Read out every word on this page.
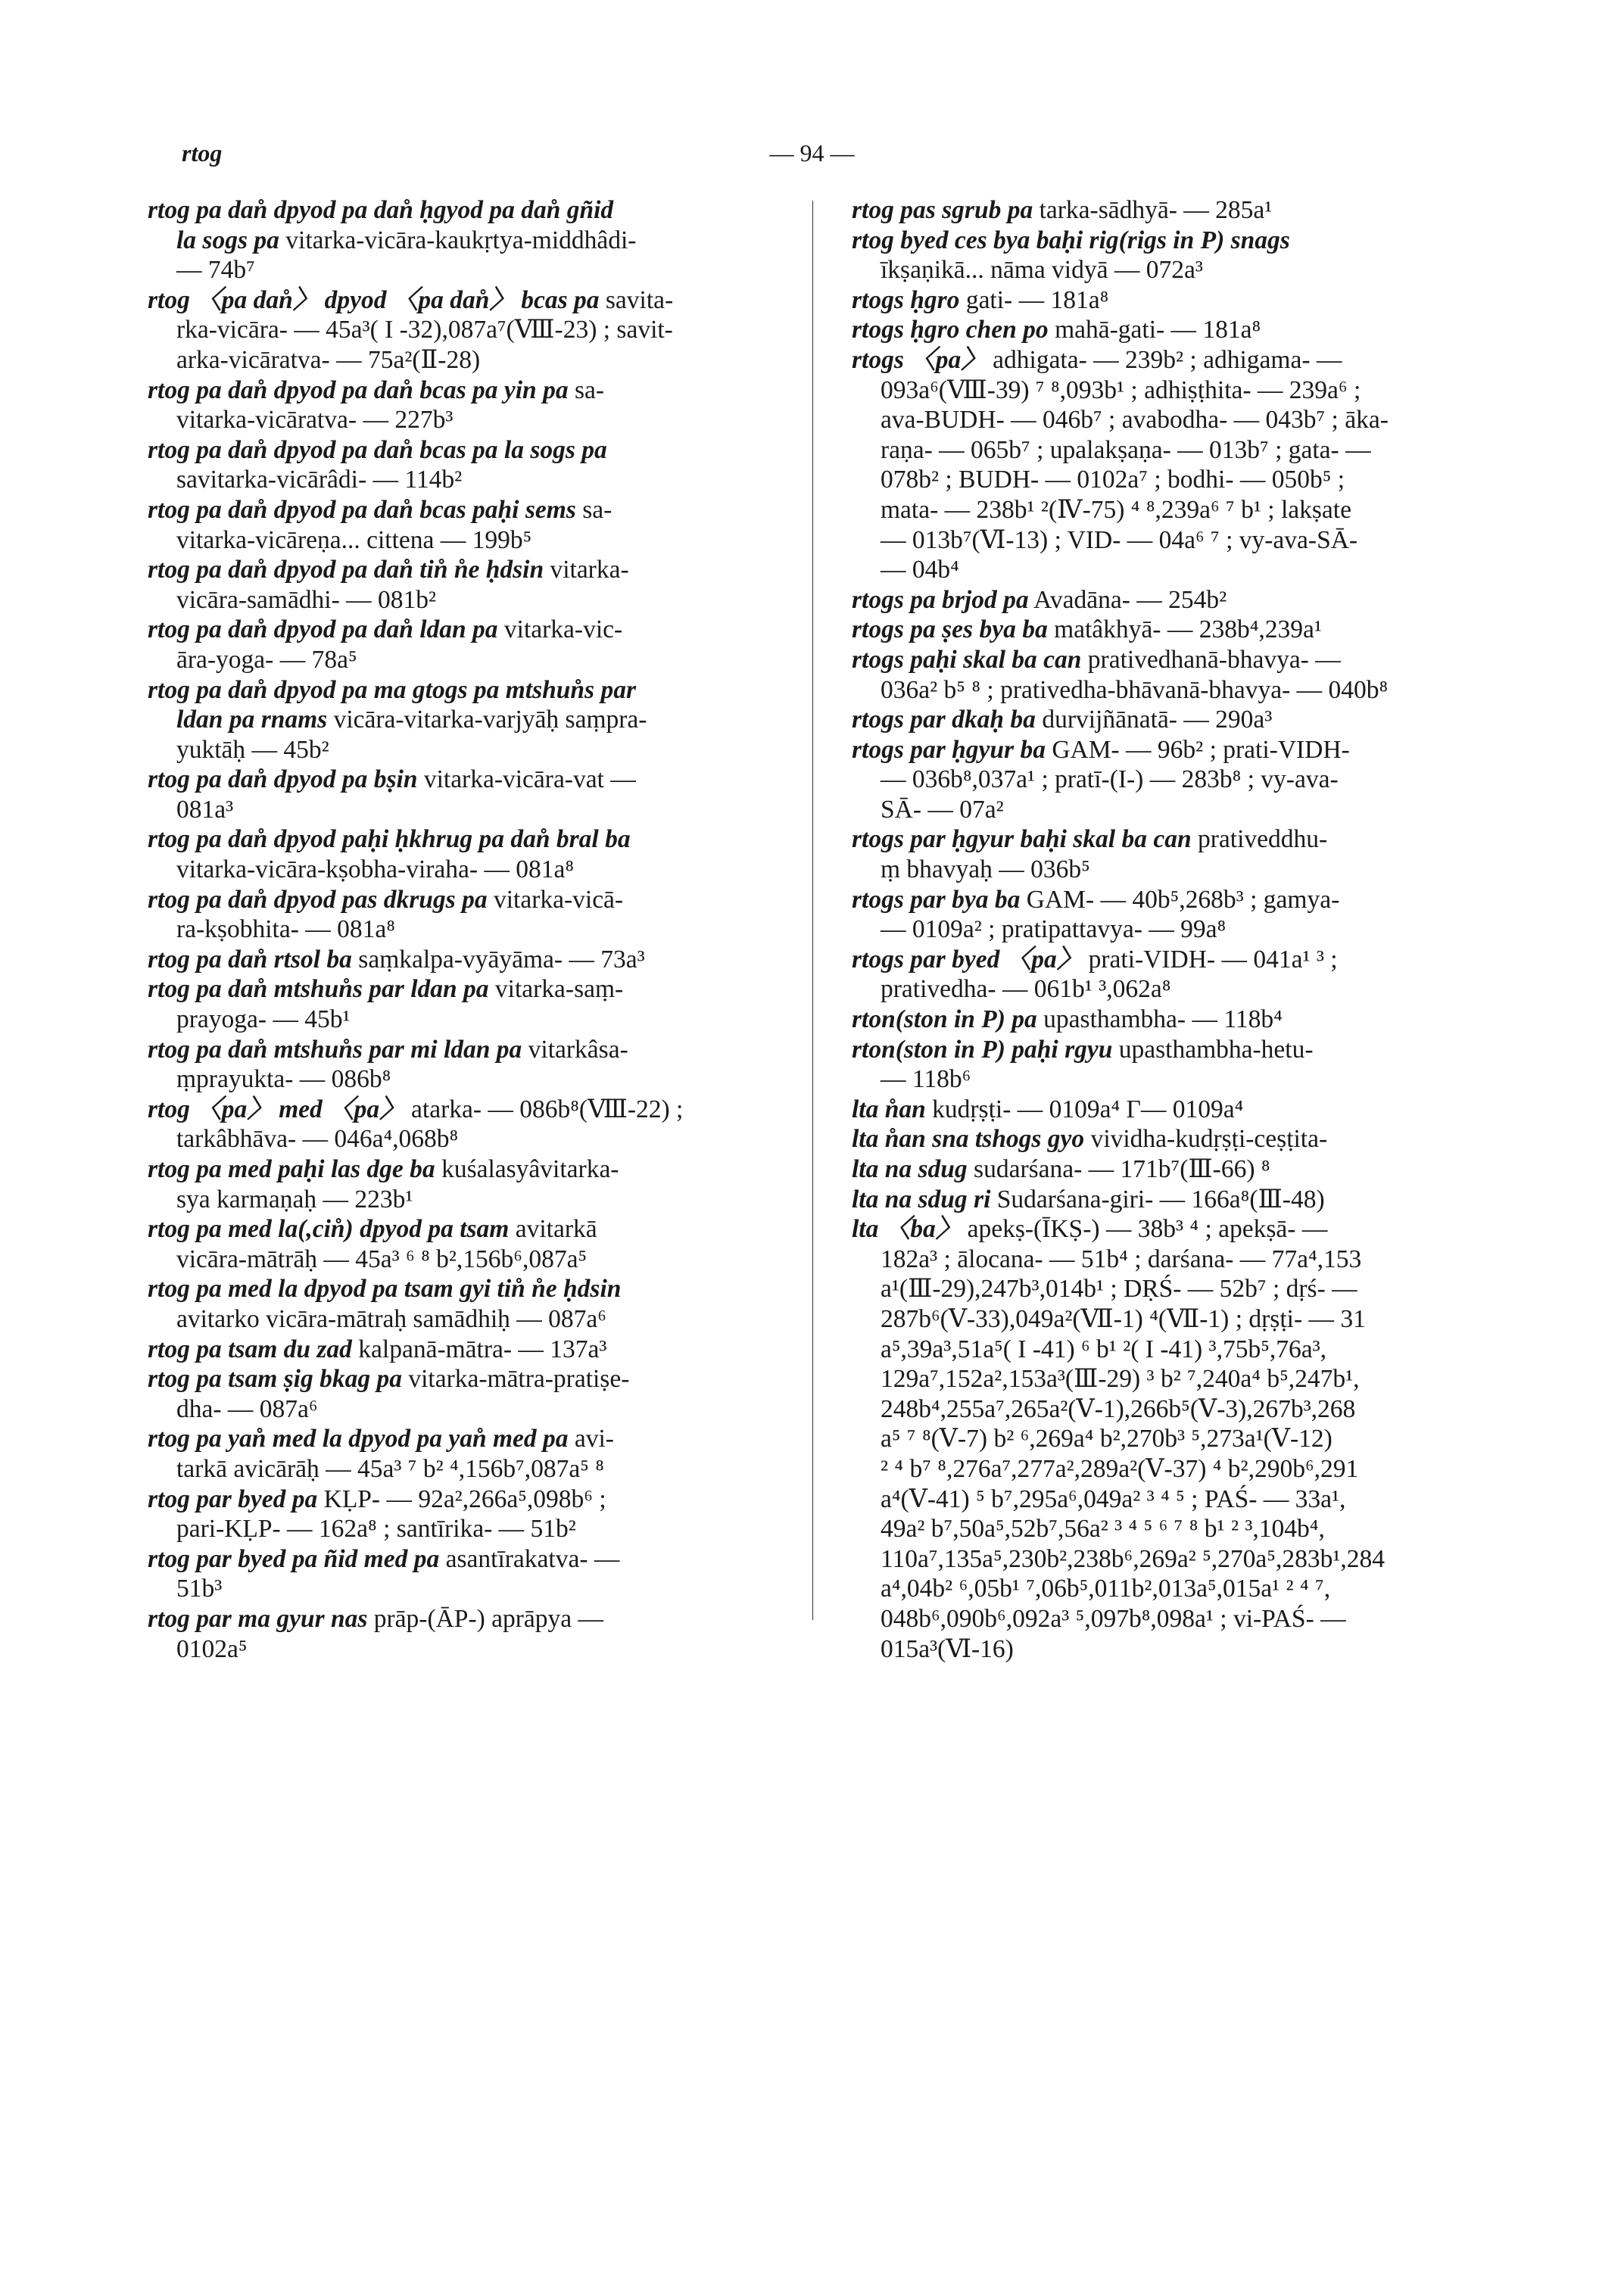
rtog	— 94 —
rtog pa dan̊ dpyod pa dan̊ ḥgyod pa dan̊ gñid
la sogs pa vitarka-vicāra-kaukṛtya-middhâdi-
— 74b⁷
rtog 〈pa dan̊〉 dpyod 〈pa dan̊〉 bcas pa savita-
rka-vicāra- — 45a³( I -32),087a⁷(Ⅷ-23) ; savit-
arka-vicāratva- — 75a²(Ⅱ-28)
rtog pa dan̊ dpyod pa dan̊ bcas pa yin pa sa-
vitarka-vicāratva- — 227b³
rtog pa dan̊ dpyod pa dan̊ bcas pa la sogs pa
savitarka-vicārâdi- — 114b²
rtog pa dan̊ dpyod pa dan̊ bcas paḥi sems sa-
vitarka-vicāreṇa... cittena — 199b⁵
rtog pa dan̊ dpyod pa dan̊ tin̊ n̊e ḥdsin vitarka-
vicāra-samādhi- — 081b²
rtog pa dan̊ dpyod pa dan̊ ldan pa vitarka-vic-
āra-yoga- — 78a⁵
rtog pa dan̊ dpyod pa ma gtogs pa mtshun̊s par
ldan pa rnams vicāra-vitarka-varjyāḥ saṃpra-
yuktāḥ — 45b²
rtog pa dan̊ dpyod pa bṣin vitarka-vicāra-vat —
081a³
rtog pa dan̊ dpyod paḥi ḥkhrug pa dan̊ bral ba
vitarka-vicāra-kṣobha-viraha- — 081a⁸
rtog pa dan̊ dpyod pas dkrugs pa vitarka-vicā-
ra-kṣobhita- — 081a⁸
rtog pa dan̊ rtsol ba saṃkalpa-vyāyāma- — 73a³
rtog pa dan̊ mtshun̊s par ldan pa vitarka-saṃ-
prayoga- — 45b¹
rtog pa dan̊ mtshun̊s par mi ldan pa vitarkâsa-
ṃprayukta- — 086b⁸
rtog 〈pa〉 med 〈pa〉 atarka- — 086b⁸(Ⅷ-22) ;
tarkâbhāva- — 046a⁴,068b⁸
rtog pa med paḥi las dge ba kuśalasyâvitarka-
sya karmaṇaḥ — 223b¹
rtog pa med la(,cin̊) dpyod pa tsam avitarkā
vicāra-mātrāḥ — 45a³ ⁶ ⁸ b²,156b⁶,087a⁵
rtog pa med la dpyod pa tsam gyi tin̊ n̊e ḥdsin
avitarko vicāra-mātraḥ samādhiḥ — 087a⁶
rtog pa tsam du zad kalpanā-mātra- — 137a³
rtog pa tsam ṣig bkag pa vitarka-mātra-pratiṣe-
dha- — 087a⁶
rtog pa yan̊ med la dpyod pa yan̊ med pa avi-
tarkā avicārāḥ — 45a³ ⁷ b² ⁴,156b⁷,087a⁵ ⁸
rtog par byed pa KḶP- — 92a²,266a⁵,098b⁶ ;
pari-KḶP- — 162a⁸ ; santīrika- — 51b²
rtog par byed pa ñid med pa asantīrakatva- —
51b³
rtog par ma gyur nas prāp-(ĀP-) aprāpya —
0102a⁵
rtog pas sgrub pa tarka-sādhyā- — 285a¹
rtog byed ces bya baḥi rig(rigs in P) snags
īkṣaṇikā... nāma vidyā — 072a³
rtogs ḥgro gati- — 181a⁸
rtogs ḥgro chen po mahā-gati- — 181a⁸
rtogs 〈pa〉 adhigata- — 239b² ; adhigama- —
093a⁶(Ⅷ-39) ⁷ ⁸,093b¹ ; adhiṣṭhita- — 239a⁶ ;
ava-BUDH- — 046b⁷ ; avabodha- — 043b⁷ ; āka-
raṇa- — 065b⁷ ; upalakṣaṇa- — 013b⁷ ; gata- —
078b² ; BUDH- — 0102a⁷ ; bodhi- — 050b⁵ ;
mata- — 238b¹ ²(Ⅳ-75) ⁴ ⁸,239a⁶ ⁷ b¹ ; lakṣate
— 013b⁷(Ⅵ-13) ; VID- — 04a⁶ ⁷ ; vy-ava-SĀ-
— 04b⁴
rtogs pa brjod pa Avadāna- — 254b²
rtogs pa ṣes bya ba matâkhyā- — 238b⁴,239a¹
rtogs paḥi skal ba can prativedhanā-bhavya- —
036a² b⁵ ⁸ ; prativedha-bhāvanā-bhavya- — 040b⁸
rtogs par dkaḥ ba durvijñānatā- — 290a³
rtogs par ḥgyur ba GAM- — 96b² ; prati-VIDH-
— 036b⁸,037a¹ ; pratī-(I-) — 283b⁸ ; vy-ava-
SĀ- — 07a²
rtogs par ḥgyur baḥi skal ba can prativeddhu-
ṃ bhavyaḥ — 036b⁵
rtogs par bya ba GAM- — 40b⁵,268b³ ; gamya-
— 0109a² ; pratipattavya- — 99a⁸
rtogs par byed 〈pa〉 prati-VIDH- — 041a¹ ³ ;
prativedha- — 061b¹ ³,062a⁸
rton(ston in P) pa upasthambha- — 118b⁴
rton(ston in P) paḥi rgyu upasthambha-hetu-
— 118b⁶
lta n̊an kudṛṣṭi- — 0109a⁴ Γ— 0109a⁴
lta n̊an sna tshogs gyo vividha-kudṛṣṭi-ceṣṭita-
lta na sdug sudarśana- — 171b⁷(Ⅲ-66) ⁸
lta na sdug ri Sudarśana-giri- — 166a⁸(Ⅲ-48)
lta 〈ba〉 apekṣ-(ĪKṢ-) — 38b³ ⁴ ; apekṣā- —
182a³ ; ālocana- — 51b⁴ ; darśana- — 77a⁴,153
a¹(Ⅲ-29),247b³,014b¹ ; DṚŚ- — 52b⁷ ; dṛś- —
287b⁶(Ⅴ-33),049a²(Ⅶ-1) ⁴(Ⅶ-1) ; dṛṣṭi- — 31
a⁵,39a³,51a⁵( I -41) ⁶ b¹ ²( I -41) ³,75b⁵,76a³,
129a⁷,152a²,153a³(Ⅲ-29) ³ b² ⁷,240a⁴ b⁵,247b¹,
248b⁴,255a⁷,265a²(Ⅴ-1),266b⁵(Ⅴ-3),267b³,268
a⁵ ⁷ ⁸(Ⅴ-7) b² ⁶,269a⁴ b²,270b³ ⁵,273a¹(Ⅴ-12)
² ⁴ b⁷ ⁸,276a⁷,277a²,289a²(Ⅴ-37) ⁴ b²,290b⁶,291
a⁴(Ⅴ-41) ⁵ b⁷,295a⁶,049a² ³ ⁴ ⁵ ; PAŚ- — 33a¹,
49a² b⁷,50a⁵,52b⁷,56a² ³ ⁴ ⁵ ⁶ ⁷ ⁸ b¹ ² ³,104b⁴,
110a⁷,135a⁵,230b²,238b⁶,269a² ⁵,270a⁵,283b¹,284
a⁴,04b² ⁶,05b¹ ⁷,06b⁵,011b²,013a⁵,015a¹ ² ⁴ ⁷,
048b⁶,090b⁶,092a³ ⁵,097b⁸,098a¹ ; vi-PAŚ- —
015a³(Ⅵ-16)
